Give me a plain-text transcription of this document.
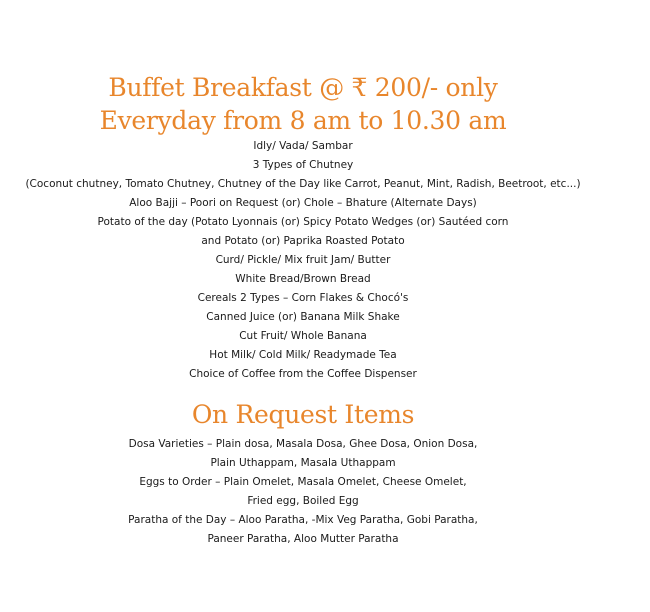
Buffet Breakfast @ ₹ 200/- only
Everyday from 8 am to 10.30 am
Idly/ Vada/ Sambar
3 Types of Chutney
(Coconut chutney, Tomato Chutney, Chutney of the Day like Carrot, Peanut, Mint, Radish, Beetroot, etc...)
Aloo Bajji – Poori on Request (or) Chole – Bhature (Alternate Days)
Potato of the day (Potato Lyonnais (or) Spicy Potato Wedges (or) Sautéed corn
and Potato (or) Paprika Roasted Potato
Curd/ Pickle/ Mix fruit Jam/ Butter
White Bread/Brown Bread
Cereals 2 Types – Corn Flakes & Chocó's
Canned Juice (or) Banana Milk Shake
Cut Fruit/ Whole Banana
Hot Milk/ Cold Milk/ Readymade Tea
Choice of Coffee from the Coffee Dispenser
On Request Items
Dosa Varieties – Plain dosa, Masala Dosa, Ghee Dosa, Onion Dosa,
Plain Uthappam, Masala Uthappam
Eggs to Order – Plain Omelet, Masala Omelet, Cheese Omelet,
Fried egg, Boiled Egg
Paratha of the Day – Aloo Paratha, -Mix Veg Paratha, Gobi Paratha,
Paneer Paratha, Aloo Mutter Paratha
